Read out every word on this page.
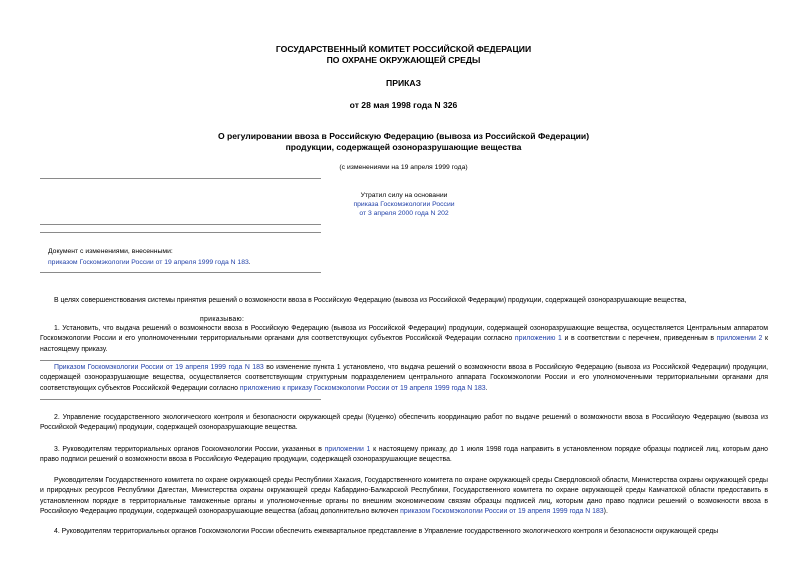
ГОСУДАРСТВЕННЫЙ КОМИТЕТ РОССИЙСКОЙ ФЕДЕРАЦИИ
ПО ОХРАНЕ ОКРУЖАЮЩЕЙ СРЕДЫ
ПРИКАЗ
от 28 мая 1998 года N 326
О регулировании ввоза в Российскую Федерацию (вывоза из Российской Федерации)
продукции, содержащей озоноразрушающие вещества
(с изменениями на 19 апреля 1999 года)
Утратил силу на основании
приказа Госкомэкологии России
от 3 апреля 2000 года N 202
Документ с изменениями, внесенными:
приказом Госкомэкологии России от 19 апреля 1999 года N 183.
В целях совершенствования системы принятия решений о возможности ввоза в Российскую Федерацию (вывоза из Российской Федерации) продукции, содержащей озоноразрушающие вещества,
приказываю:
1. Установить, что выдача решений о возможности ввоза в Российскую Федерацию (вывоза из Российской Федерации) продукции, содержащей озоноразрушающие вещества, осуществляется Центральным аппаратом Госкомэкологии России и его уполномоченными территориальными органами для соответствующих субъектов Российской Федерации согласно приложению 1 и в соответствии с перечнем, приведенным в приложении 2 к настоящему приказу.
Приказом Госкомэкологии России от 19 апреля 1999 года N 183 во изменение пункта 1 установлено, что выдача решений о возможности ввоза в Российскую Федерацию (вывоза из Российской Федерации) продукции, содержащей озоноразрушающие вещества, осуществляется соответствующим структурным подразделением центрального аппарата Госкомэкологии России и его уполномоченными территориальными органами для соответствующих субъектов Российской Федерации согласно приложению к приказу Госкомэкологии России от 19 апреля 1999 года N 183.
2. Управление государственного экологического контроля и безопасности окружающей среды (Куценко) обеспечить координацию работ по выдаче решений о возможности ввоза в Российскую Федерацию (вывоза из Российской Федерации) продукции, содержащей озоноразрушающие вещества.
3. Руководителям территориальных органов Госкомэкологии России, указанных в приложении 1 к настоящему приказу, до 1 июля 1998 года направить в установленном порядке образцы подписей лиц, которым дано право подписи решений о возможности ввоза в Российскую Федерацию продукции, содержащей озоноразрушающие вещества.
Руководителям Государственного комитета по охране окружающей среды Республики Хакасия, Государственного комитета по охране окружающей среды Свердловской области, Министерства охраны окружающей среды и природных ресурсов Республики Дагестан, Министерства охраны окружающей среды Кабардино-Балкарской Республики, Государственного комитета по охране окружающей среды Камчатской области предоставить в установленном порядке в территориальные таможенные органы и уполномоченные органы по внешним экономическим связям образцы подписей лиц, которым дано право подписи решений о возможности ввоза в Российскую Федерацию продукции, содержащей озоноразрушающие вещества (абзац дополнительно включен приказом Госкомэкологии России от 19 апреля 1999 года N 183).
4. Руководителям территориальных органов Госкомэкологии России обеспечить ежеквартальное представление в Управление государственного экологического контроля и безопасности окружающей среды
